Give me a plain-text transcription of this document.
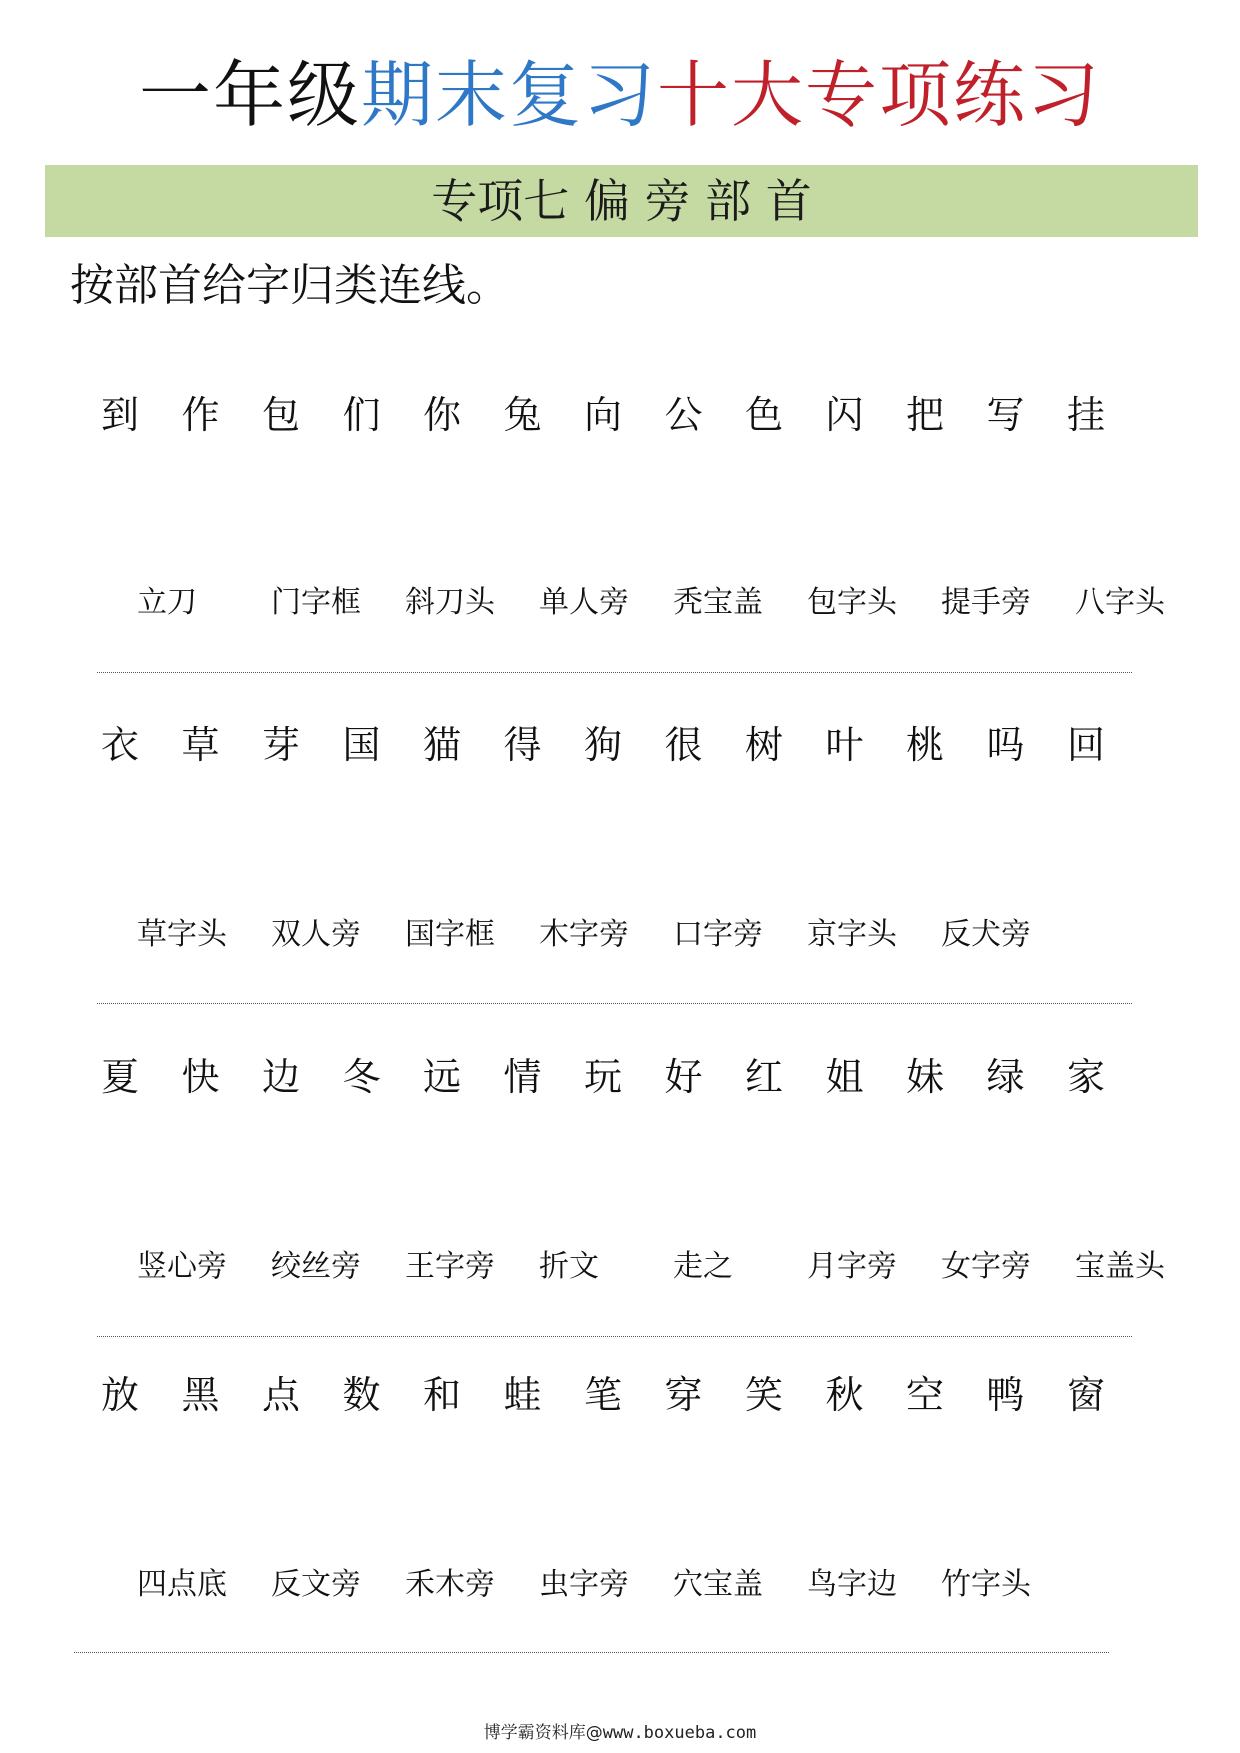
一年级期末复习十大专项练习
专项七 偏 旁 部 首
按部首给字归类连线。
到 作 包 们 你 兔 向 公 色 闪 把 写 挂
立刀 门字框 斜刀头 单人旁 秃宝盖 包字头 提手旁 八字头
衣 草 芽 国 猫 得 狗 很 树 叶 桃 吗 回
草字头 双人旁 国字框 木字旁 口字旁 京字头 反犬旁
夏 快 边 冬 远 情 玩 好 红 姐 妹 绿 家
竖心旁 绞丝旁 王字旁 折文 走之 月字旁 女字旁 宝盖头
放 黑 点 数 和 蛙 笔 穿 笑 秋 空 鸭 窗
四点底 反文旁 禾木旁 虫字旁 穴宝盖 鸟字边 竹字头
博学霸资料库@www.boxueba.com
